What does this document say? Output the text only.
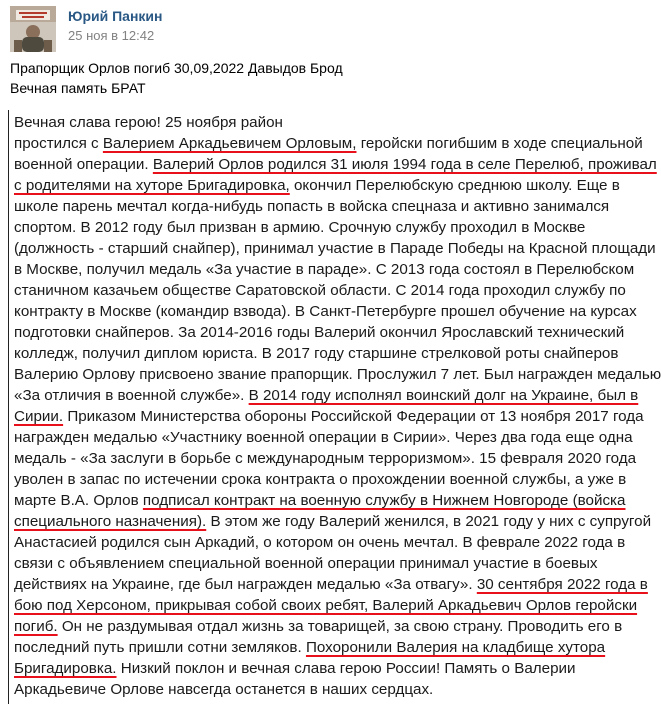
Юрий Панкин
25 ноя в 12:42
Прапорщик Орлов погиб 30,09,2022 Давыдов Брод
Вечная память БРАТ
Вечная слава герою! 25 ноября район
простился с Валерием Аркадьевичем Орловым, геройски погибшим в ходе специальной
военной операции. Валерий Орлов родился 31 июля 1994 года в селе Перелюб, проживал
с родителями на хуторе Бригадировка, окончил Перелюбскую среднюю школу. Еще в
школе парень мечтал когда-нибудь попасть в войска спецназа и активно занимался
спортом. В 2012 году был призван в армию. Срочную службу проходил в Москве
(должность - старший снайпер), принимал участие в Параде Победы на Красной площади
в Москве, получил медаль «За участие в параде». С 2013 года состоял в Перелюбском
станичном казачьем обществе Саратовской области. С 2014 года проходил службу по
контракту в Москве (командир взвода). В Санкт-Петербурге прошел обучение на курсах
подготовки снайперов. За 2014-2016 годы Валерий окончил Ярославский технический
колледж, получил диплом юриста. В 2017 году старшине стрелковой роты снайперов
Валерию Орлову присвоено звание прапорщик. Прослужил 7 лет. Был награжден медалью
«За отличия в военной службе». В 2014 году исполнял воинский долг на Украине, был в
Сирии. Приказом Министерства обороны Российской Федерации от 13 ноября 2017 года
награжден медалью «Участнику военной операции в Сирии». Через два года еще одна
медаль - «За заслуги в борьбе с международным терроризмом». 15 февраля 2020 года
уволен в запас по истечении срока контракта о прохождении военной службы, а уже в
марте В.А. Орлов подписал контракт на военную службу в Нижнем Новгороде (войска
специального назначения). В этом же году Валерий женился, в 2021 году у них с супругой
Анастасией родился сын Аркадий, о котором он очень мечтал. В феврале 2022 года в
связи с объявлением специальной военной операции принимал участие в боевых
действиях на Украине, где был награжден медалью «За отвагу». 30 сентября 2022 года в
бою под Херсоном, прикрывая собой своих ребят, Валерий Аркадьевич Орлов геройски
погиб. Он не раздумывая отдал жизнь за товарищей, за свою страну. Проводить его в
последний путь пришли сотни земляков. Похоронили Валерия на кладбище хутора
Бригадировка. Низкий поклон и вечная слава герою России! Память о Валерии
Аркадьевиче Орлове навсегда останется в наших сердцах.
